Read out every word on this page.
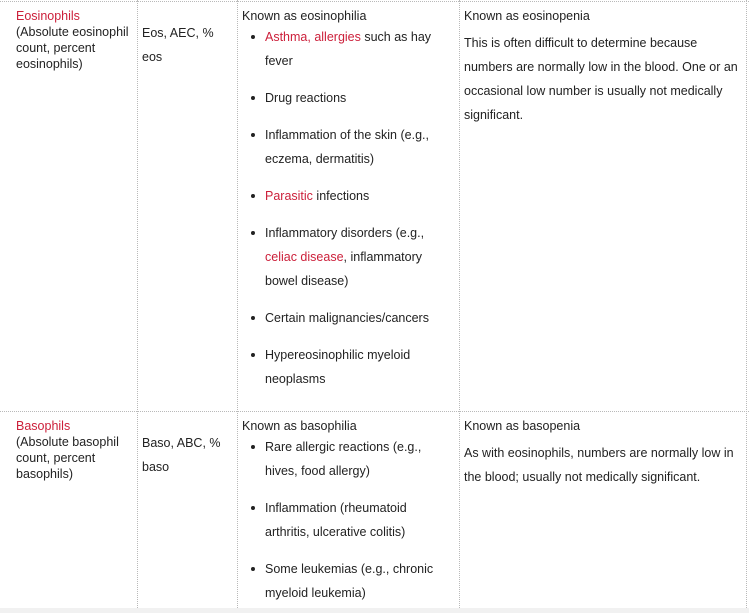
Eosinophils
(Absolute eosinophil count, percent eosinophils)
Eos, AEC, % eos
Known as eosinophilia
Asthma, allergies such as hay fever
Drug reactions
Inflammation of the skin (e.g., eczema, dermatitis)
Parasitic infections
Inflammatory disorders (e.g., celiac disease, inflammatory bowel disease)
Certain malignancies/cancers
Hypereosinophilic myeloid neoplasms
Known as eosinopenia
This is often difficult to determine because numbers are normally low in the blood. One or an occasional low number is usually not medically significant.
Basophils
(Absolute basophil count, percent basophils)
Baso, ABC, % baso
Known as basophilia
Rare allergic reactions (e.g., hives, food allergy)
Inflammation (rheumatoid arthritis, ulcerative colitis)
Some leukemias (e.g., chronic myeloid leukemia)
Known as basopenia
As with eosinophils, numbers are normally low in the blood; usually not medically significant.
